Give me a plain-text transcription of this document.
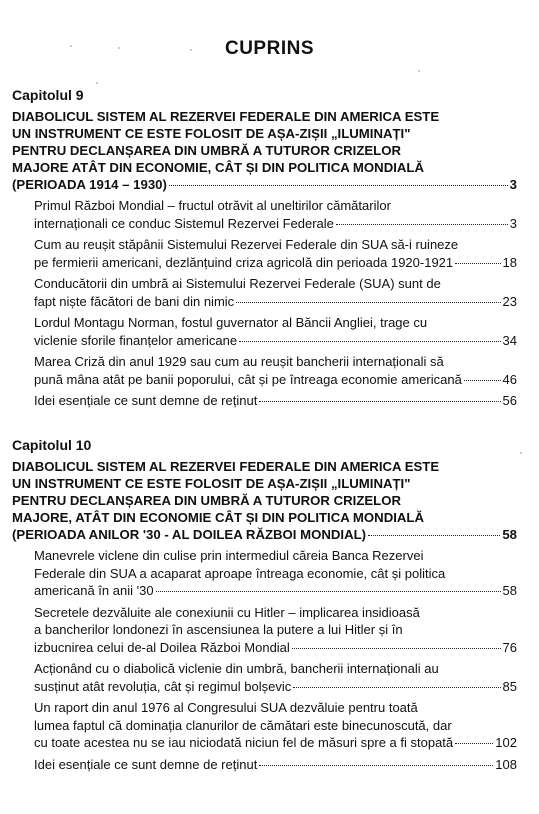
CUPRINS
Capitolul 9
DIABOLICUL SISTEM AL REZERVEI FEDERALE DIN AMERICA ESTE
UN INSTRUMENT CE ESTE FOLOSIT DE AȘA-ZIȘII „ILUMINAȚI"
PENTRU DECLANȘAREA DIN UMBRĂ A TUTUROR CRIZELOR
MAJORE ATÂT DIN ECONOMIE, CÂT ȘI DIN POLITICA MONDIALĂ
(PERIOADA 1914 – 1930)	3
Primul Război Mondial – fructul otrăvit al uneltirilor cămătarilor
internaționali ce conduc Sistemul Rezervei Federale	3
Cum au reușit stăpânii Sistemului Rezervei Federale din SUA să-i ruineze
pe fermierii americani, dezlănțuind criza agricolă din perioada 1920-1921	18
Conducătorii din umbră ai Sistemului Rezervei Federale (SUA) sunt de
fapt niște făcători de bani din nimic	23
Lordul Montagu Norman, fostul guvernator al Băncii Angliei, trage cu
viclenie sforile finanțelor americane	34
Marea Criză din anul 1929 sau cum au reușit bancherii internaționali să
pună mâna atât pe banii poporului, cât și pe întreaga economie americană	46
Idei esențiale ce sunt demne de reținut	56
Capitolul 10
DIABOLICUL SISTEM AL REZERVEI FEDERALE DIN AMERICA ESTE
UN INSTRUMENT CE ESTE FOLOSIT DE AȘA-ZIȘII „ILUMINAȚI"
PENTRU DECLANȘAREA DIN UMBRĂ A TUTUROR CRIZELOR
MAJORE, ATÂT DIN ECONOMIE CÂT ȘI DIN POLITICA MONDIALĂ
(PERIOADA ANILOR '30 - AL DOILEA RĂZBOI MONDIAL)	58
Manevrele viclene din culise prin intermediul căreia Banca Rezervei
Federale din SUA a acaparat aproape întreaga economie, cât și politica
americană în anii '30	58
Secretele dezvăluite ale conexiunii cu Hitler – implicarea insidioasă
a bancherilor londonezi în ascensiunea la putere a lui Hitler și în
izbucnirea celui de-al Doilea Război Mondial	76
Acționând cu o diabolică viclenie din umbră, bancherii internaționali au
susținut atât revoluția, cât și regimul bolșevic	85
Un raport din anul 1976 al Congresului SUA dezvăluie pentru toată
lumea faptul că dominația clanurilor de cămătari este binecunoscută, dar
cu toate acestea nu se iau niciodată niciun fel de măsuri spre a fi stopată	102
Idei esențiale ce sunt demne de reținut	108
